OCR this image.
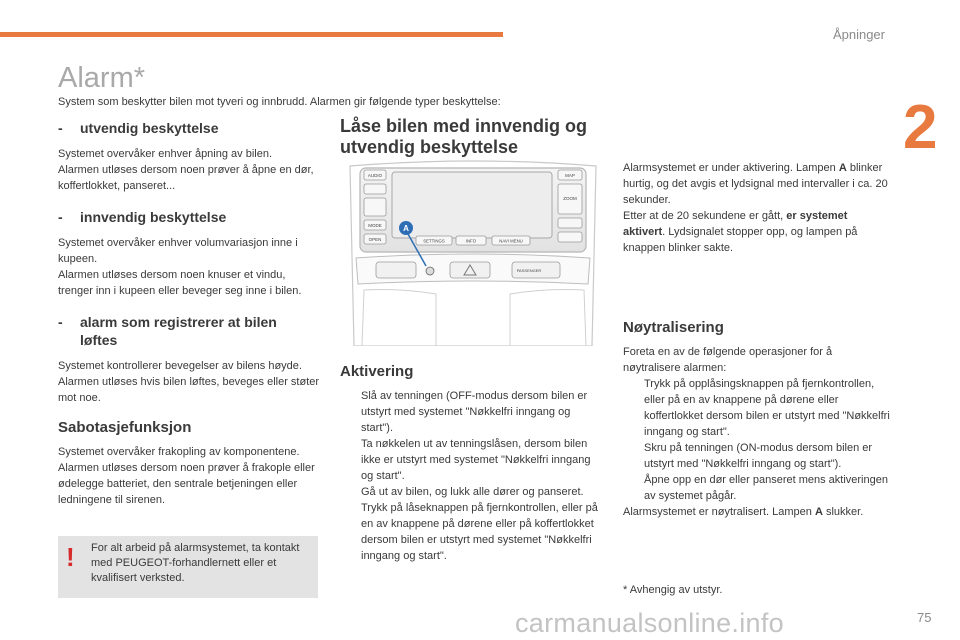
Åpninger
2
Alarm*
System som beskytter bilen mot tyveri og innbrudd. Alarmen gir følgende typer beskyttelse:
- utvendig beskyttelse

Systemet overvåker enhver åpning av bilen.
Alarmen utløses dersom noen prøver å åpne en dør, koffertlokket, panseret...

- innvendig beskyttelse

Systemet overvåker enhver volumvariasjon inne i kupeen.
Alarmen utløses dersom noen knuser et vindu, trenger inn i kupeen eller beveger seg inne i bilen.

- alarm som registrerer at bilen løftes

Systemet kontrollerer bevegelser av bilens høyde.
Alarmen utløses hvis bilen løftes, beveges eller støter mot noe.

Sabotasjefunksjon

Systemet overvåker frakopling av komponentene.
Alarmen utløses dersom noen prøver å frakople eller ødelegge batteriet, den sentrale betjeningen eller ledningene til sirenen.

! For alt arbeid på alarmsystemet, ta kontakt med PEUGEOT-forhandlernett eller et kvalifisert verksted.
Låse bilen med innvendig og utvendig beskyttelse
AUDIO
MODE
OPEN
MAP
ZOOM
SETTINGS	INFO	NAVI MENU
PASSENGER
A
Aktivering
Slå av tenningen (OFF-modus dersom bilen er utstyrt med systemet "Nøkkelfri inngang og start").
Ta nøkkelen ut av tenningslåsen, dersom bilen ikke er utstyrt med systemet "Nøkkelfri inngang og start".
Gå ut av bilen, og lukk alle dører og panseret.
Trykk på låseknappen på fjernkontrollen, eller på en av knappene på dørene eller på koffertlokket dersom bilen er utstyrt med systemet "Nøkkelfri inngang og start".

Alarmsystemet er under aktivering. Lampen A blinker hurtig, og det avgis et lydsignal med intervaller i ca. 20 sekunder.
Etter at de 20 sekundene er gått, er systemet aktivert. Lydsignalet stopper opp, og lampen på knappen blinker sakte.

Nøytralisering

Foreta en av de følgende operasjoner for å nøytralisere alarmen:

Trykk på opplåsingsknappen på fjernkontrollen, eller på en av knappene på dørene eller koffertlokket dersom bilen er utstyrt med "Nøkkelfri inngang og start".
Skru på tenningen (ON-modus dersom bilen er utstyrt med "Nøkkelfri inngang og start").
Åpne opp en dør eller panseret mens aktiveringen av systemet pågår.

Alarmsystemet er nøytralisert. Lampen A slukker.

* Avhengig av utstyr.
carmanualsonline.info	75
